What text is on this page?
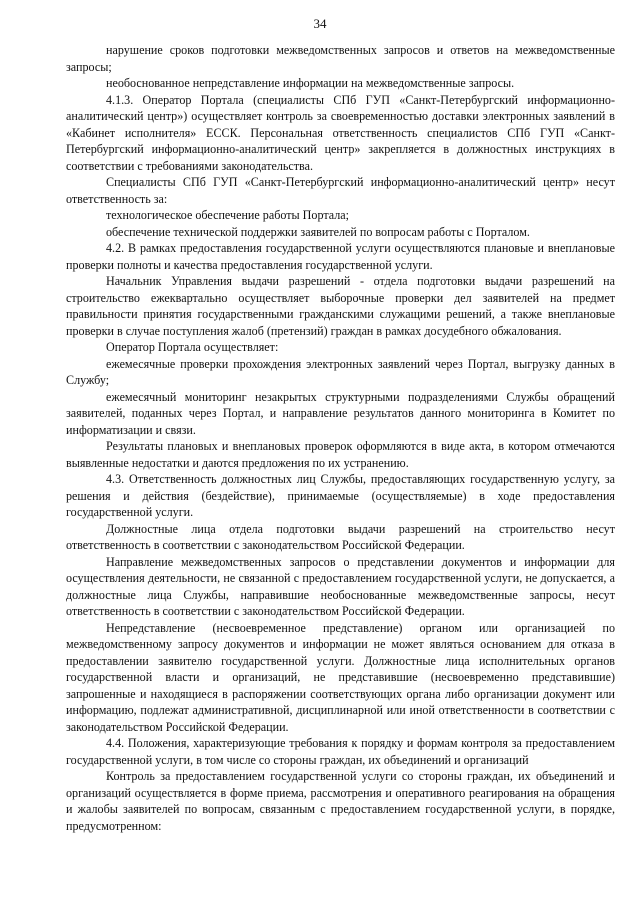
34

нарушение сроков подготовки межведомственных запросов и ответов на межведомственные запросы;

необоснованное непредставление информации на межведомственные запросы.

4.1.3. Оператор Портала (специалисты СПб ГУП «Санкт-Петербургский информационно-аналитический центр») осуществляет контроль за своевременностью доставки электронных заявлений в «Кабинет исполнителя» ЕССК. Персональная ответственность специалистов СПб ГУП «Санкт-Петербургский информационно-аналитический центр» закрепляется в должностных инструкциях в соответствии с требованиями законодательства.

Специалисты СПб ГУП «Санкт-Петербургский информационно-аналитический центр» несут ответственность за:

технологическое обеспечение работы Портала;

обеспечение технической поддержки заявителей по вопросам работы с Порталом.

4.2. В рамках предоставления государственной услуги осуществляются плановые и внеплановые проверки полноты и качества предоставления государственной услуги.

Начальник Управления выдачи разрешений - отдела подготовки выдачи разрешений на строительство ежеквартально осуществляет выборочные проверки дел заявителей на предмет правильности принятия государственными гражданскими служащими решений, а также внеплановые проверки в случае поступления жалоб (претензий) граждан в рамках досудебного обжалования.

Оператор Портала осуществляет:

ежемесячные проверки прохождения электронных заявлений через Портал, выгрузку данных в Службу;

ежемесячный мониторинг незакрытых структурными подразделениями Службы обращений заявителей, поданных через Портал, и направление результатов данного мониторинга в Комитет по информатизации и связи.

Результаты плановых и внеплановых проверок оформляются в виде акта, в котором отмечаются выявленные недостатки и даются предложения по их устранению.

4.3. Ответственность должностных лиц Службы, предоставляющих государственную услугу, за решения и действия (бездействие), принимаемые (осуществляемые) в ходе предоставления государственной услуги.

Должностные лица отдела подготовки выдачи разрешений на строительство несут ответственность в соответствии с законодательством Российской Федерации.

Направление межведомственных запросов о представлении документов и информации для осуществления деятельности, не связанной с предоставлением государственной услуги, не допускается, а должностные лица Службы, направившие необоснованные межведомственные запросы, несут ответственность в соответствии с законодательством Российской Федерации.

Непредставление (несвоевременное представление) органом или организацией по межведомственному запросу документов и информации не может являться основанием для отказа в предоставлении заявителю государственной услуги. Должностные лица исполнительных органов государственной власти и организаций, не представившие (несвоевременно представившие) запрошенные и находящиеся в распоряжении соответствующих органа либо организации документ или информацию, подлежат административной, дисциплинарной или иной ответственности в соответствии с законодательством Российской Федерации.

4.4. Положения, характеризующие требования к порядку и формам контроля за предоставлением государственной услуги, в том числе со стороны граждан, их объединений и организаций

Контроль за предоставлением государственной услуги со стороны граждан, их объединений и организаций осуществляется в форме приема, рассмотрения и оперативного реагирования на обращения и жалобы заявителей по вопросам, связанным с предоставлением государственной услуги, в порядке, предусмотренном:
